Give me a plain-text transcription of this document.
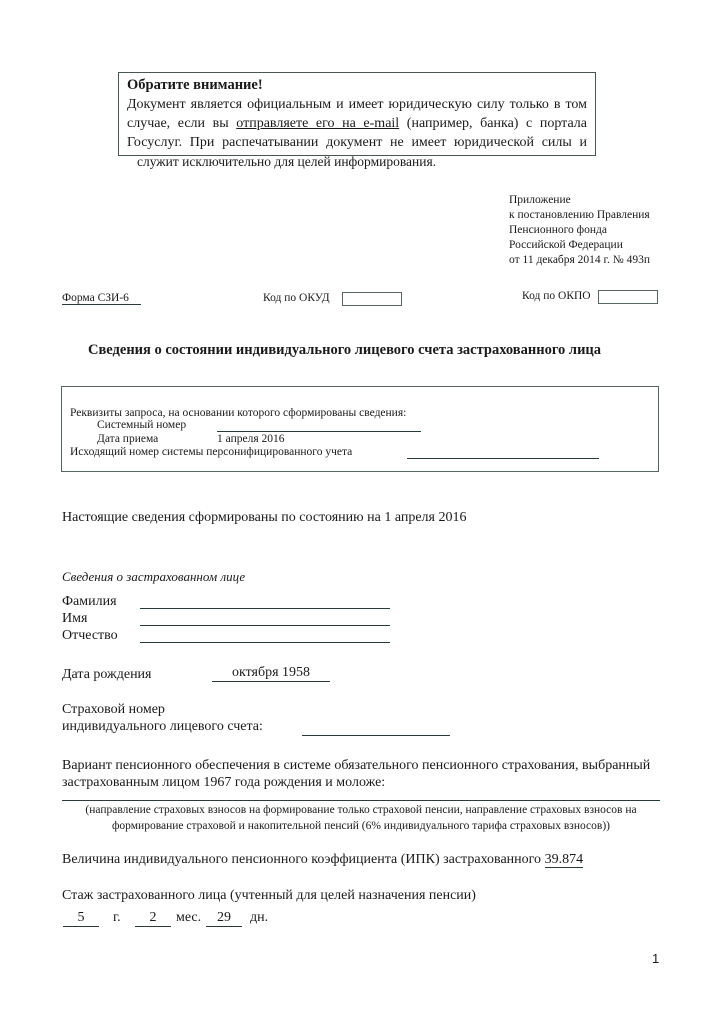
Обратите внимание!
Документ является официальным и имеет юридическую силу только в том
случае, если вы отправляете его на e-mail (например, банка) с портала
Госуслуг. При распечатывании документ не имеет юридической силы и
служит исключительно для целей информирования.
Приложение
к постановлению Правления
Пенсионного фонда
Российской Федерации
от 11 декабря 2014 г. № 493п
Форма СЗИ-6	Код по ОКУД	Код по ОКПО
Сведения о состоянии индивидуального лицевого счета застрахованного лица
Реквизиты запроса, на основании которого сформированы сведения:
Системный номер
Дата приема	1 апреля 2016
Исходящий номер системы персонифицированного учета
Настоящие сведения сформированы по состоянию на 1 апреля 2016
Сведения о застрахованном лице
Фамилия
Имя
Отчество
Дата рождения	октября 1958
Страховой номер
индивидуального лицевого счета:
Вариант пенсионного обеспечения в системе обязательного пенсионного страхования, выбранный
застрахованным лицом 1967 года рождения и моложе:
(направление страховых взносов на формирование только страховой пенсии, направление страховых взносов на
формирование страховой и накопительной пенсий (6% индивидуального тарифа страховых взносов))
Величина индивидуального пенсионного коэффициента (ИПК) застрахованного 39.874
Стаж застрахованного лица (учтенный для целей назначения пенсии)
5	г.	2	мес.	29	дн.
1
